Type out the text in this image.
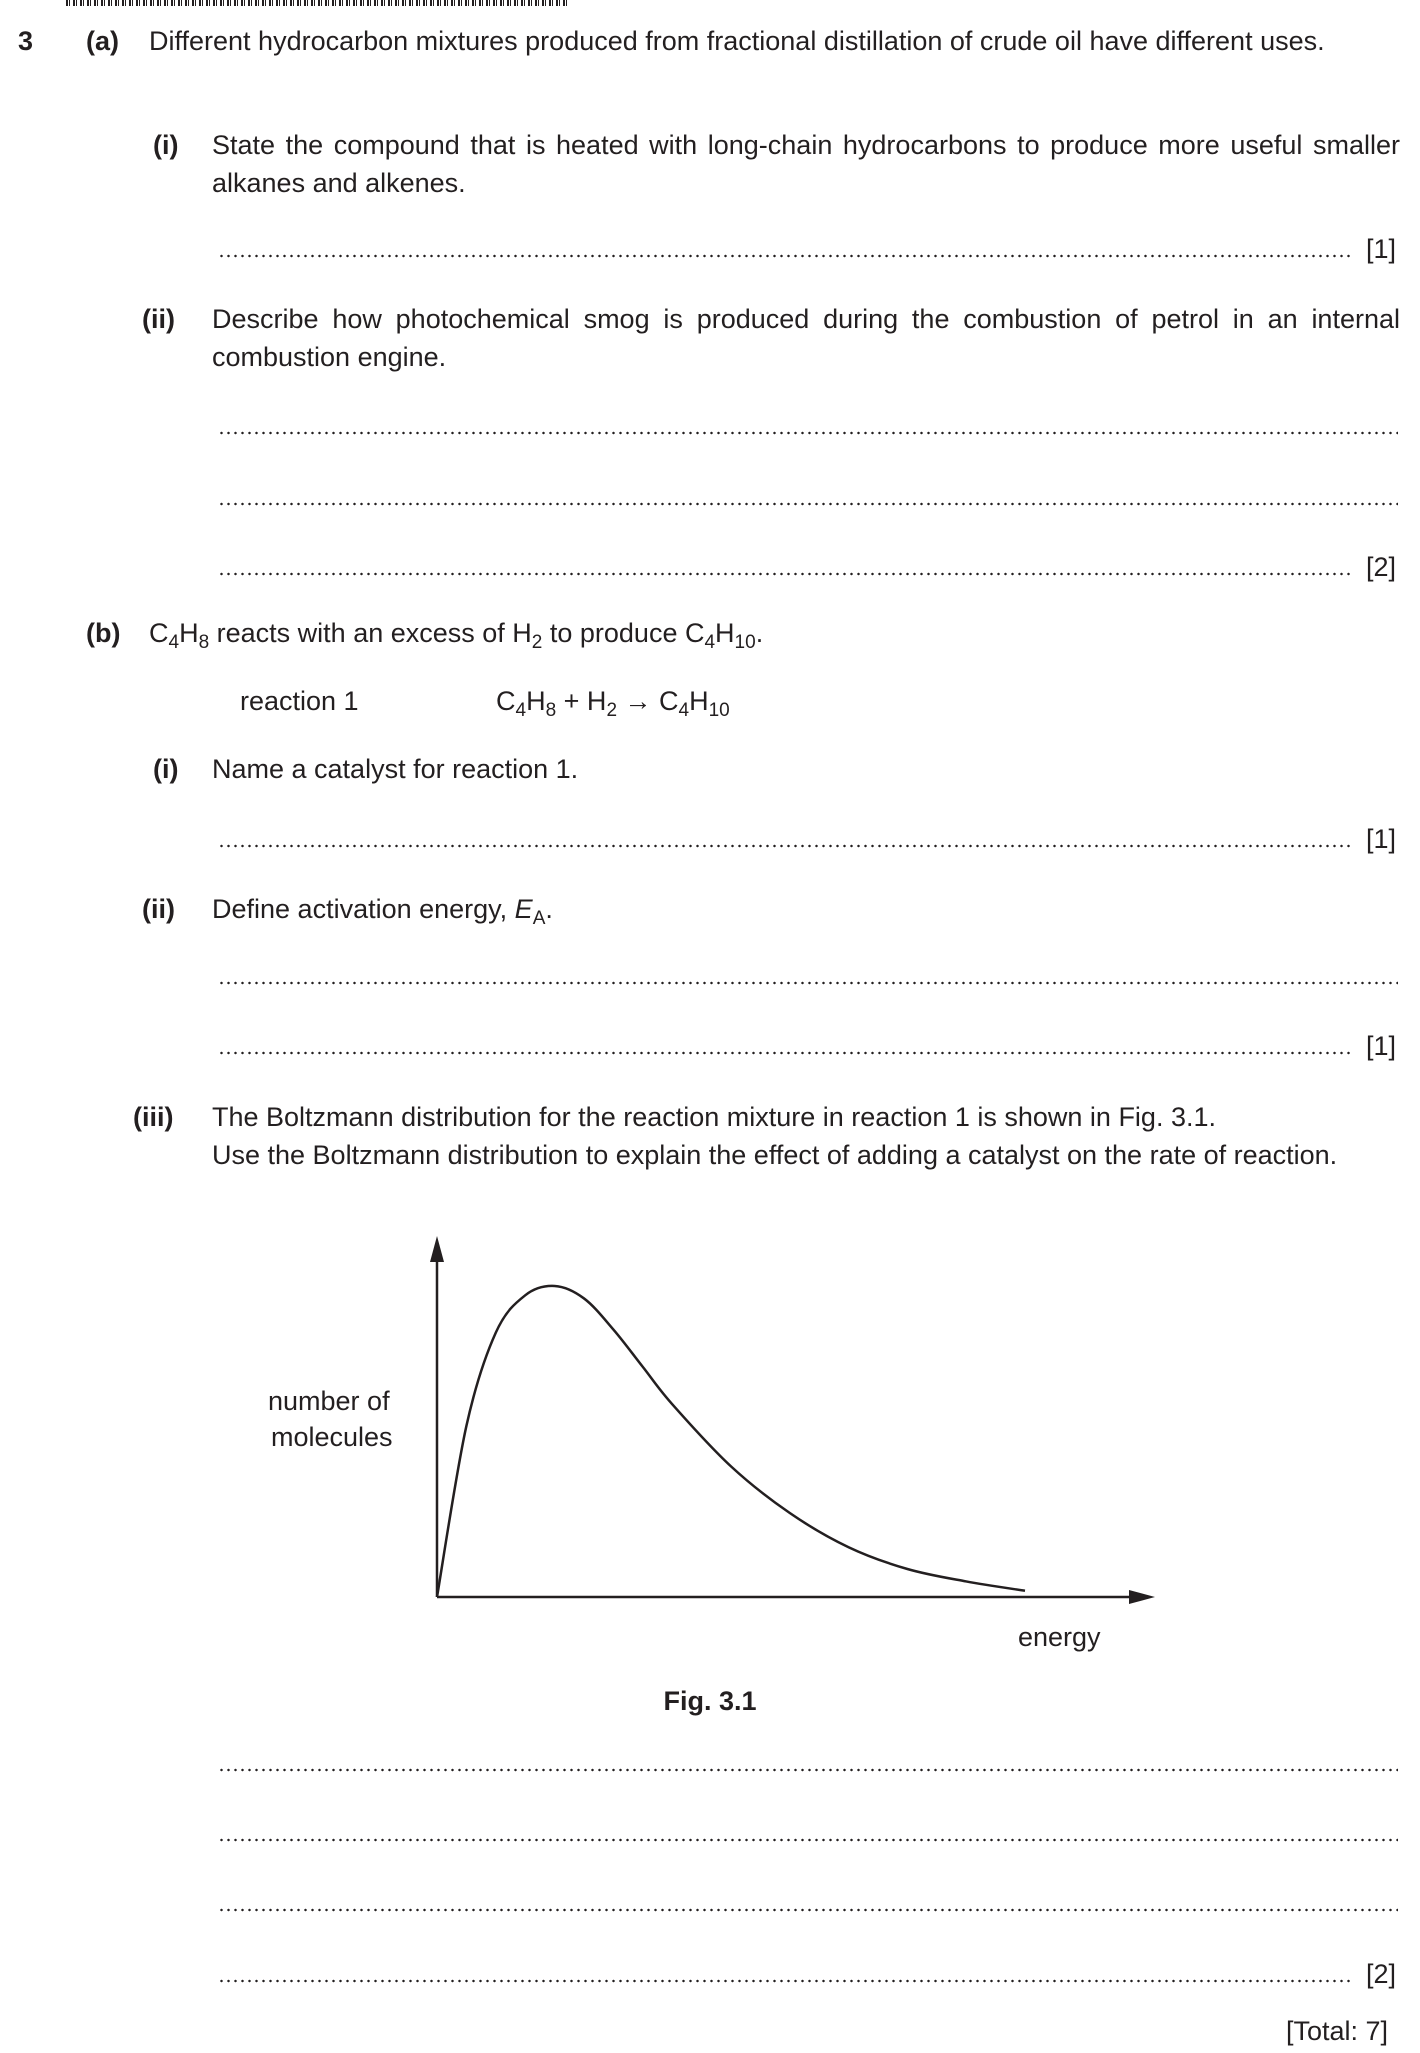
3 (a) Different hydrocarbon mixtures produced from fractional distillation of crude oil have different uses.
(i) State the compound that is heated with long-chain hydrocarbons to produce more useful smaller alkanes and alkenes.
[1]
(ii) Describe how photochemical smog is produced during the combustion of petrol in an internal combustion engine.
[2]
(b) $C_4H_8$ reacts with an excess of $H_2$ to produce $C_4H_{10}$.
reaction 1	$C_4H_8 + H_2 \to C_4H_{10}$
(i) Name a catalyst for reaction 1.
[1]
(ii) Define activation energy, $E_A$.
[1]
(iii) The Boltzmann distribution for the reaction mixture in reaction 1 is shown in Fig. 3.1.
Use the Boltzmann distribution to explain the effect of adding a catalyst on the rate of reaction.
number of
molecules
energy
Fig. 3.1
[2]
[Total: 7]
